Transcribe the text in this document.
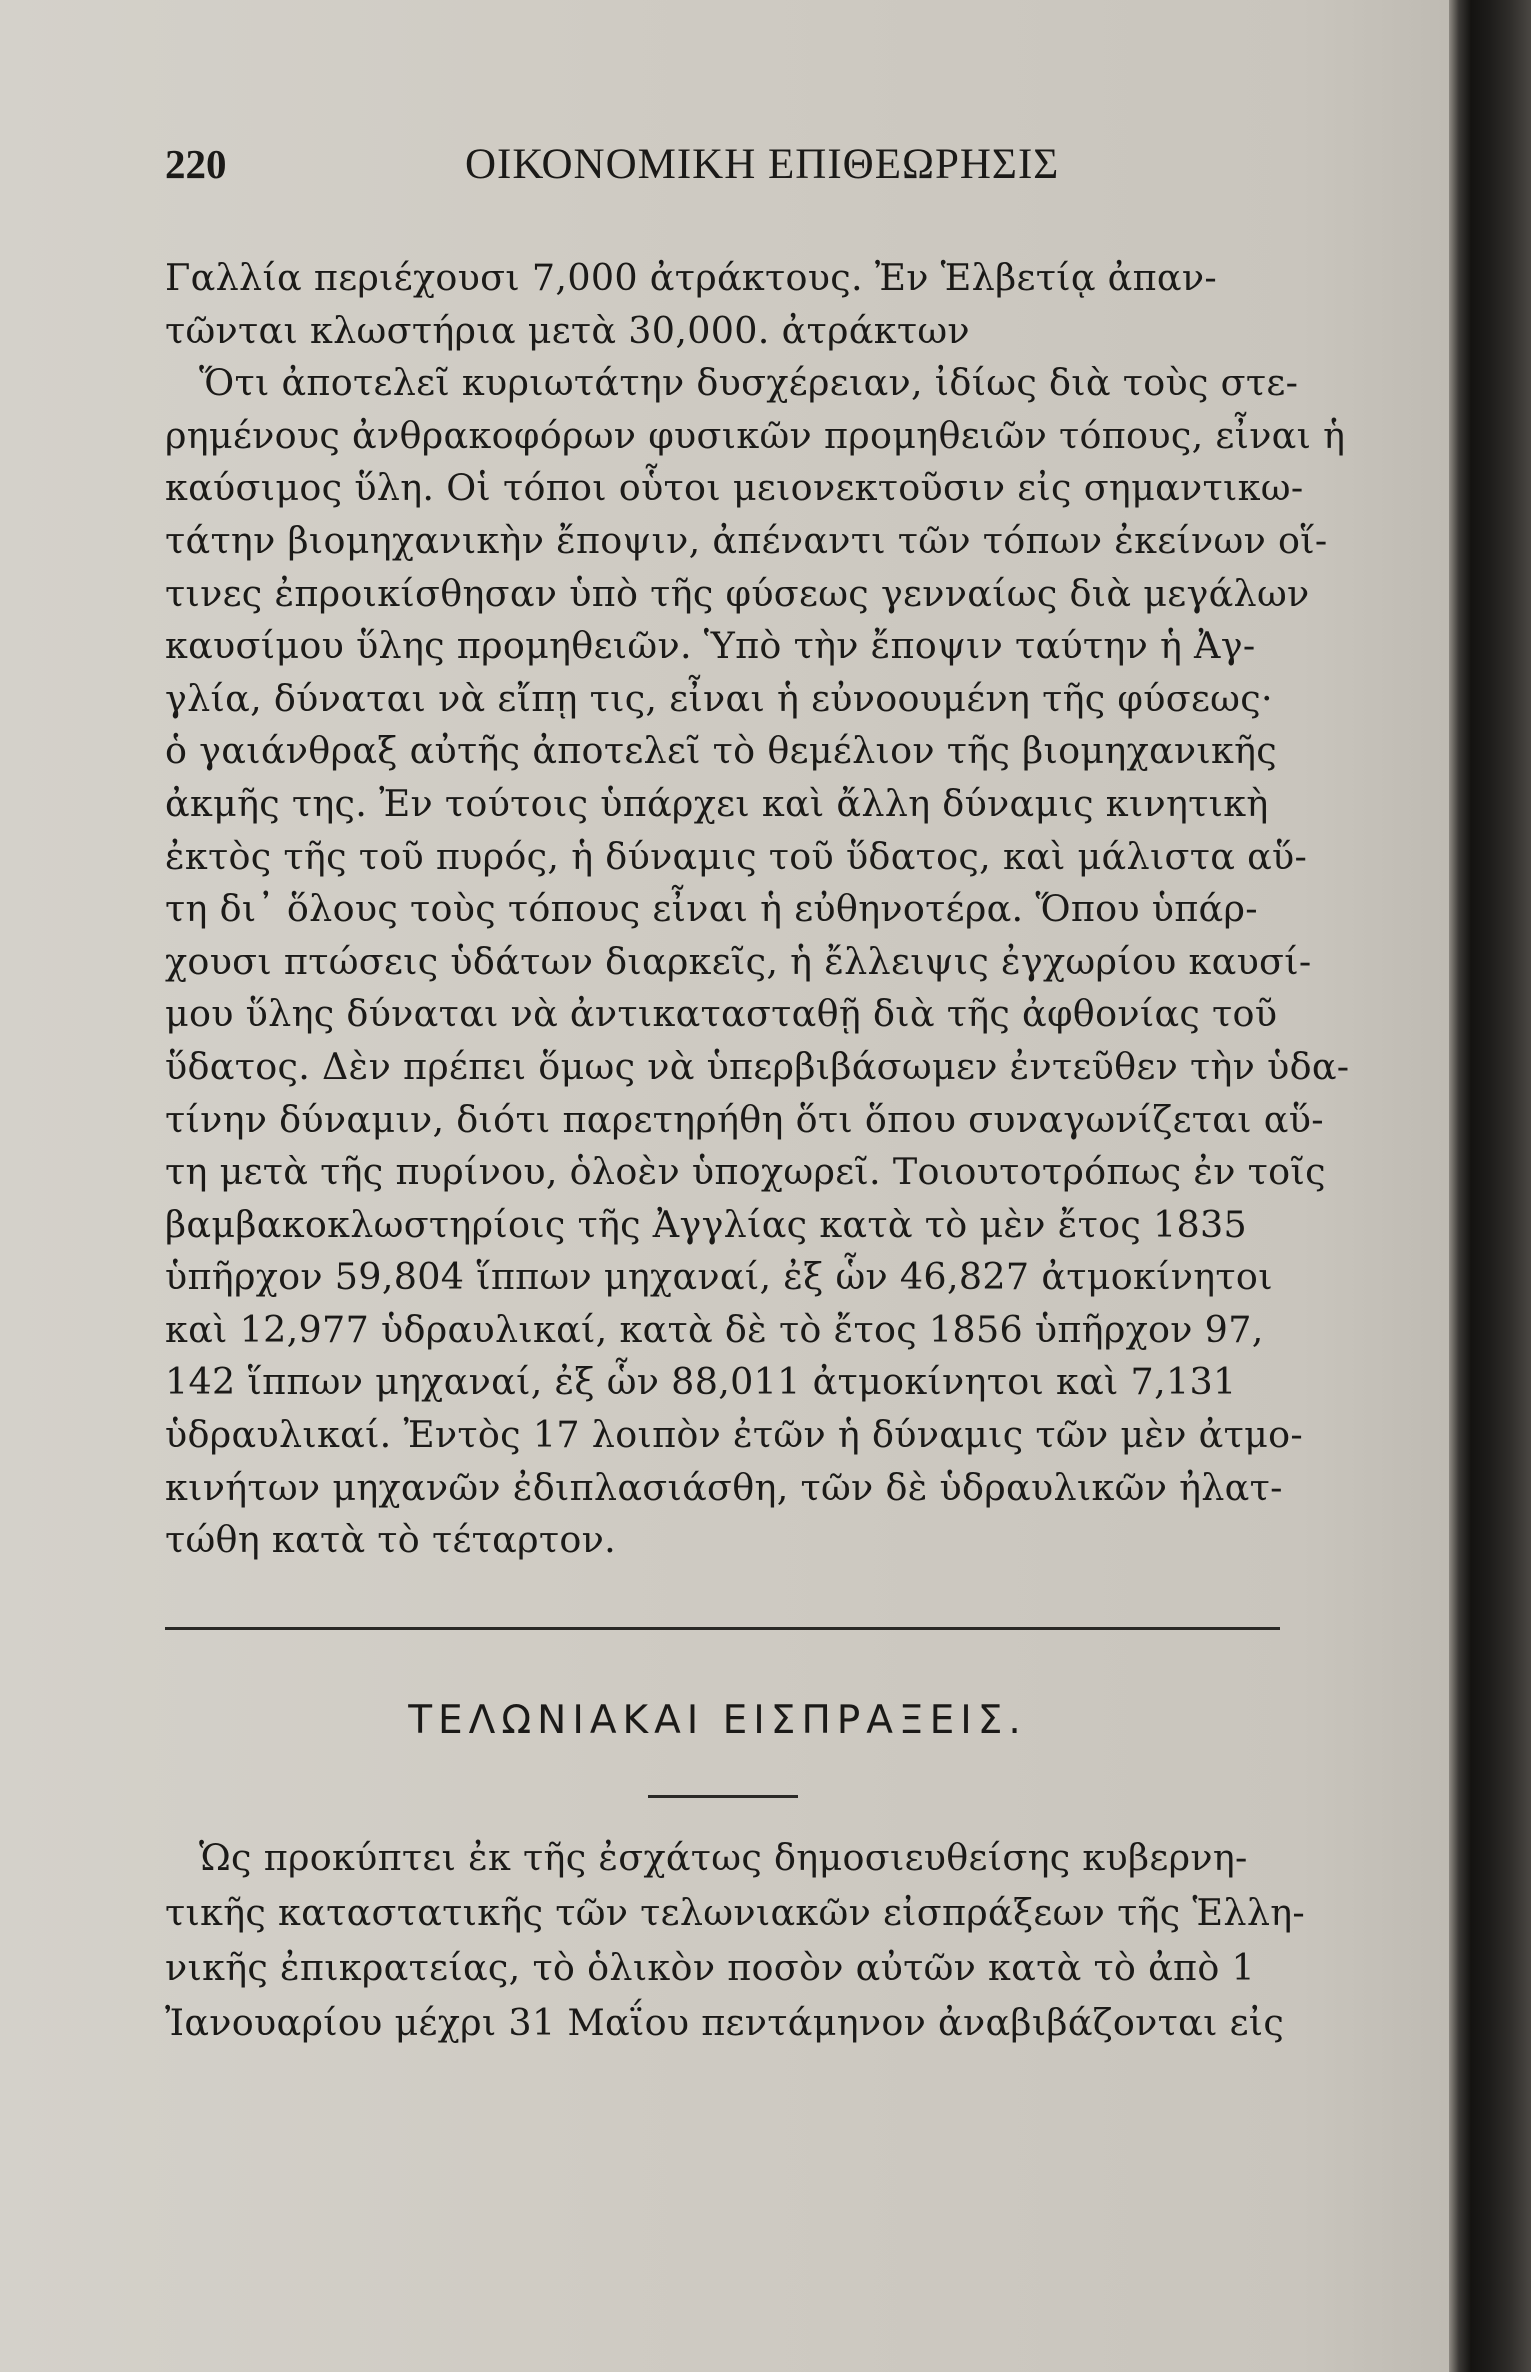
220	ΟΙΚΟΝΟΜΙΚΗ ΕΠΙΘΕΩΡΗΣΙΣ
Γαλλία περιέχουσι 7,000 ἀτράκτους. Ἐν Ἑλβετίᾳ ἀπαν-
τῶνται κλωστήρια μετὰ 30,000. ἀτράκτων
Ὅτι ἀποτελεῖ κυριωτάτην δυσχέρειαν, ἰδίως διὰ τοὺς στε-
ρημένους ἀνθρακοφόρων φυσικῶν προμηθειῶν τόπους, εἶναι ἡ
καύσιμος ὕλη. Οἱ τόποι οὗτοι μειονεκτοῦσιν εἰς σημαντικω-
τάτην βιομηχανικὴν ἔποψιν, ἀπέναντι τῶν τόπων ἐκείνων οἵ-
τινες ἐπροικίσθησαν ὑπὸ τῆς φύσεως γενναίως διὰ μεγάλων
καυσίμου ὕλης προμηθειῶν. Ὑπὸ τὴν ἔποψιν ταύτην ἡ Ἀγ-
γλία, δύναται νὰ εἴπῃ τις, εἶναι ἡ εὐνοουμένη τῆς φύσεως·
ὁ γαιάνθραξ αὐτῆς ἀποτελεῖ τὸ θεμέλιον τῆς βιομηχανικῆς
ἀκμῆς της. Ἐν τούτοις ὑπάρχει καὶ ἄλλη δύναμις κινητικὴ
ἐκτὸς τῆς τοῦ πυρός, ἡ δύναμις τοῦ ὕδατος, καὶ μάλιστα αὕ-
τη δι᾽ ὅλους τοὺς τόπους εἶναι ἡ εὐθηνοτέρα. Ὅπου ὑπάρ-
χουσι πτώσεις ὑδάτων διαρκεῖς, ἡ ἔλλειψις ἐγχωρίου καυσί-
μου ὕλης δύναται νὰ ἀντικατασταθῇ διὰ τῆς ἀφθονίας τοῦ
ὕδατος. Δὲν πρέπει ὅμως νὰ ὑπερβιβάσωμεν ἐντεῦθεν τὴν ὑδα-
τίνην δύναμιν, διότι παρετηρήθη ὅτι ὅπου συναγωνίζεται αὕ-
τη μετὰ τῆς πυρίνου, ὁλοὲν ὑποχωρεῖ. Τοιουτοτρόπως ἐν τοῖς
βαμβακοκλωστηρίοις τῆς Ἀγγλίας κατὰ τὸ μὲν ἔτος 1835
ὑπῆρχον 59,804 ἵππων μηχαναί, ἐξ ὧν 46,827 ἀτμοκίνητοι
καὶ 12,977 ὑδραυλικαί, κατὰ δὲ τὸ ἔτος 1856 ὑπῆρχον 97,
142 ἵππων μηχαναί, ἐξ ὧν 88,011 ἀτμοκίνητοι καὶ 7,131
ὑδραυλικαί. Ἐντὸς 17 λοιπὸν ἐτῶν ἡ δύναμις τῶν μὲν ἀτμο-
κινήτων μηχανῶν ἐδιπλασιάσθη, τῶν δὲ ὑδραυλικῶν ἠλατ-
τώθη κατὰ τὸ τέταρτον.
ΤΕΛΩΝΙΑΚΑΙ ΕΙΣΠΡΑΞΕΙΣ.
Ὡς προκύπτει ἐκ τῆς ἐσχάτως δημοσιευθείσης κυβερνη-
τικῆς καταστατικῆς τῶν τελωνιακῶν εἰσπράξεων τῆς Ἑλλη-
νικῆς ἐπικρατείας, τὸ ὁλικὸν ποσὸν αὐτῶν κατὰ τὸ ἀπὸ 1
Ἰανουαρίου μέχρι 31 Μαΐου πεντάμηνον ἀναβιβάζονται εἰς
